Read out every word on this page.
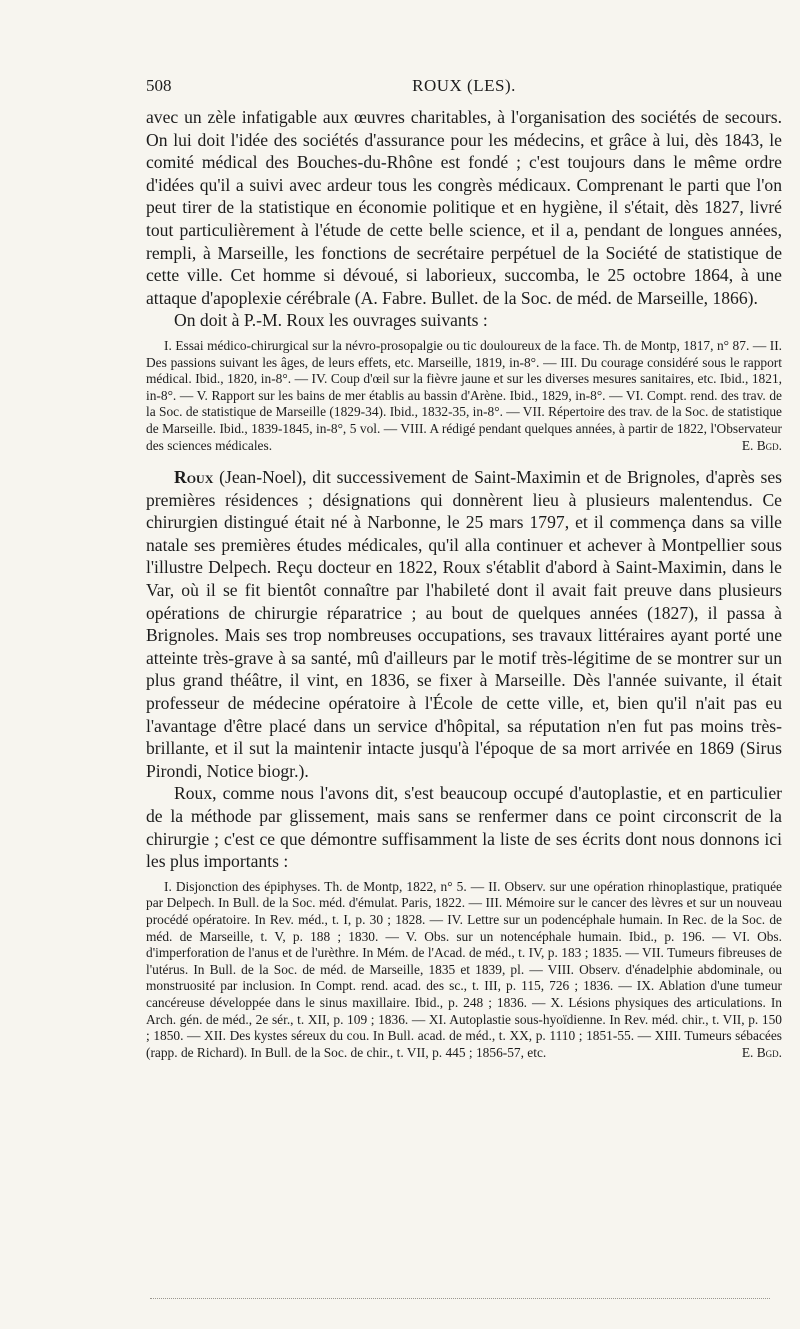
508	ROUX (LES).

avec un zèle infatigable aux œuvres charitables, à l'organisation des sociétés de secours. On lui doit l'idée des sociétés d'assurance pour les médecins, et grâce à lui, dès 1843, le comité médical des Bouches-du-Rhône est fondé ; c'est toujours dans le même ordre d'idées qu'il a suivi avec ardeur tous les congrès médicaux. Comprenant le parti que l'on peut tirer de la statistique en économie politique et en hygiène, il s'était, dès 1827, livré tout particulièrement à l'étude de cette belle science, et il a, pendant de longues années, rempli, à Marseille, les fonctions de secrétaire perpétuel de la Société de statistique de cette ville. Cet homme si dévoué, si laborieux, succomba, le 25 octobre 1864, à une attaque d'apoplexie cérébrale (A. Fabre. Bullet. de la Soc. de méd. de Marseille, 1866).

On doit à P.-M. Roux les ouvrages suivants :

I. Essai médico-chirurgical sur la névro-prosopalgie ou tic douloureux de la face. Th. de Montp, 1817, n° 87. — II. Des passions suivant les âges, de leurs effets, etc. Marseille, 1819, in-8°. — III. Du courage considéré sous le rapport médical. Ibid., 1820, in-8°. — IV. Coup d'œil sur la fièvre jaune et sur les diverses mesures sanitaires, etc. Ibid., 1821, in-8°. — V. Rapport sur les bains de mer établis au bassin d'Arène. Ibid., 1829, in-8°. — VI. Compt. rend. des trav. de la Soc. de statistique de Marseille (1829-34). Ibid., 1832-35, in-8°. — VII. Répertoire des trav. de la Soc. de statistique de Marseille. Ibid., 1839-1845, in-8°, 5 vol. — VIII. A rédigé pendant quelques années, à partir de 1822, l'Observateur des sciences médicales.	E. Bgd.

Roux (Jean-Noel), dit successivement de Saint-Maximin et de Brignoles, d'après ses premières résidences ; désignations qui donnèrent lieu à plusieurs malentendus. Ce chirurgien distingué était né à Narbonne, le 25 mars 1797, et il commença dans sa ville natale ses premières études médicales, qu'il alla continuer et achever à Montpellier sous l'illustre Delpech. Reçu docteur en 1822, Roux s'établit d'abord à Saint-Maximin, dans le Var, où il se fit bientôt connaître par l'habileté dont il avait fait preuve dans plusieurs opérations de chirurgie réparatrice ; au bout de quelques années (1827), il passa à Brignoles. Mais ses trop nombreuses occupations, ses travaux littéraires ayant porté une atteinte très-grave à sa santé, mû d'ailleurs par le motif très-légitime de se montrer sur un plus grand théâtre, il vint, en 1836, se fixer à Marseille. Dès l'année suivante, il était professeur de médecine opératoire à l'École de cette ville, et, bien qu'il n'ait pas eu l'avantage d'être placé dans un service d'hôpital, sa réputation n'en fut pas moins très-brillante, et il sut la maintenir intacte jusqu'à l'époque de sa mort arrivée en 1869 (Sirus Pirondi, Notice biogr.).

Roux, comme nous l'avons dit, s'est beaucoup occupé d'autoplastie, et en particulier de la méthode par glissement, mais sans se renfermer dans ce point circonscrit de la chirurgie ; c'est ce que démontre suffisamment la liste de ses écrits dont nous donnons ici les plus importants :

I. Disjonction des épiphyses. Th. de Montp, 1822, n° 5. — II. Observ. sur une opération rhinoplastique, pratiquée par Delpech. In Bull. de la Soc. méd. d'émulat. Paris, 1822. — III. Mémoire sur le cancer des lèvres et sur un nouveau procédé opératoire. In Rev. méd., t. I, p. 30 ; 1828. — IV. Lettre sur un podencéphale humain. In Rec. de la Soc. de méd. de Marseille, t. V, p. 188 ; 1830. — V. Obs. sur un notencéphale humain. Ibid., p. 196. — VI. Obs. d'imperforation de l'anus et de l'urèthre. In Mém. de l'Acad. de méd., t. IV, p. 183 ; 1835. — VII. Tumeurs fibreuses de l'utérus. In Bull. de la Soc. de méd. de Marseille, 1835 et 1839, pl. — VIII. Observ. d'énadelphie abdominale, ou monstruosité par inclusion. In Compt. rend. acad. des sc., t. III, p. 115, 726 ; 1836. — IX. Ablation d'une tumeur cancéreuse développée dans le sinus maxillaire. Ibid., p. 248 ; 1836. — X. Lésions physiques des articulations. In Arch. gén. de méd., 2e sér., t. XII, p. 109 ; 1836. — XI. Autoplastie sous-hyoïdienne. In Rev. méd. chir., t. VII, p. 150 ; 1850. — XII. Des kystes séreux du cou. In Bull. acad. de méd., t. XX, p. 1110 ; 1851-55. — XIII. Tumeurs sébacées (rapp. de Richard). In Bull. de la Soc. de chir., t. VII, p. 445 ; 1856-57, etc.	E. Bgd.
